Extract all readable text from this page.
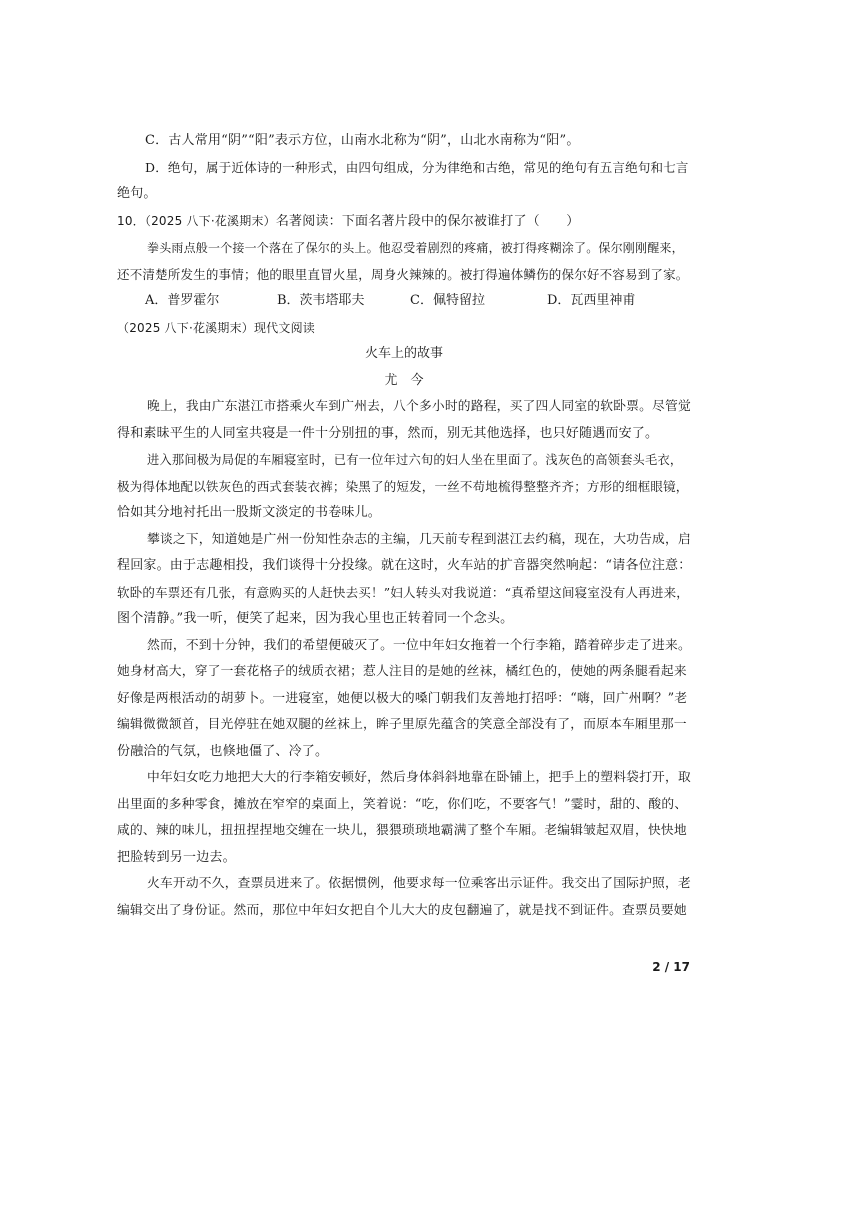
C．古人常用“阴”“阳”表示方位，山南水北称为“阴”，山北水南称为“阳”。
D．绝句，属于近体诗的一种形式，由四句组成，分为律绝和古绝，常见的绝句有五言绝句和七言
绝句。
10．（2025 八下·花溪期末）名著阅读：下面名著片段中的保尔被谁打了（　　）
拳头雨点般一个接一个落在了保尔的头上。他忍受着剧烈的疼痛，被打得疼糊涂了。保尔刚刚醒来，
还不清楚所发生的事情；他的眼里直冒火星，周身火辣辣的。被打得遍体鳞伤的保尔好不容易到了家。
A．普罗霍尔	B．茨韦塔耶夫	C．佩特留拉	D．瓦西里神甫
（2025 八下·花溪期末）现代文阅读
火车上的故事
尤　今
晚上，我由广东湛江市搭乘火车到广州去，八个多小时的路程，买了四人同室的软卧票。尽管觉
得和素昧平生的人同室共寝是一件十分别扭的事，然而，别无其他选择，也只好随遇而安了。
进入那间极为局促的车厢寝室时，已有一位年过六旬的妇人坐在里面了。浅灰色的高领套头毛衣，
极为得体地配以铁灰色的西式套装衣裤；染黑了的短发，一丝不苟地梳得整整齐齐；方形的细框眼镜，
恰如其分地衬托出一股斯文淡定的书卷味儿。
攀谈之下，知道她是广州一份知性杂志的主编，几天前专程到湛江去约稿，现在，大功告成，启
程回家。由于志趣相投，我们谈得十分投缘。就在这时，火车站的扩音器突然响起：“请各位注意：
软卧的车票还有几张，有意购买的人赶快去买！”妇人转头对我说道：“真希望这间寝室没有人再进来，
图个清静。”我一听，便笑了起来，因为我心里也正转着同一个念头。
然而，不到十分钟，我们的希望便破灭了。一位中年妇女拖着一个行李箱，踏着碎步走了进来。
她身材高大，穿了一套花格子的绒质衣裙；惹人注目的是她的丝袜，橘红色的，使她的两条腿看起来
好像是两根活动的胡萝卜。一进寝室，她便以极大的嗓门朝我们友善地打招呼：“嗨，回广州啊？”老
编辑微微颔首，目光停驻在她双腿的丝袜上，眸子里原先蕴含的笑意全部没有了，而原本车厢里那一
份融洽的气氛，也倏地僵了、冷了。
中年妇女吃力地把大大的行李箱安顿好，然后身体斜斜地靠在卧铺上，把手上的塑料袋打开，取
出里面的多种零食，摊放在窄窄的桌面上，笑着说：“吃，你们吃，不要客气！”霎时，甜的、酸的、
咸的、辣的味儿，扭扭捏捏地交缠在一块儿，猥猥琐琐地霸满了整个车厢。老编辑皱起双眉，快快地
把脸转到另一边去。
火车开动不久，查票员进来了。依据惯例，他要求每一位乘客出示证件。我交出了国际护照，老
编辑交出了身份证。然而，那位中年妇女把自个儿大大的皮包翻遍了，就是找不到证件。查票员要她
2 / 17
